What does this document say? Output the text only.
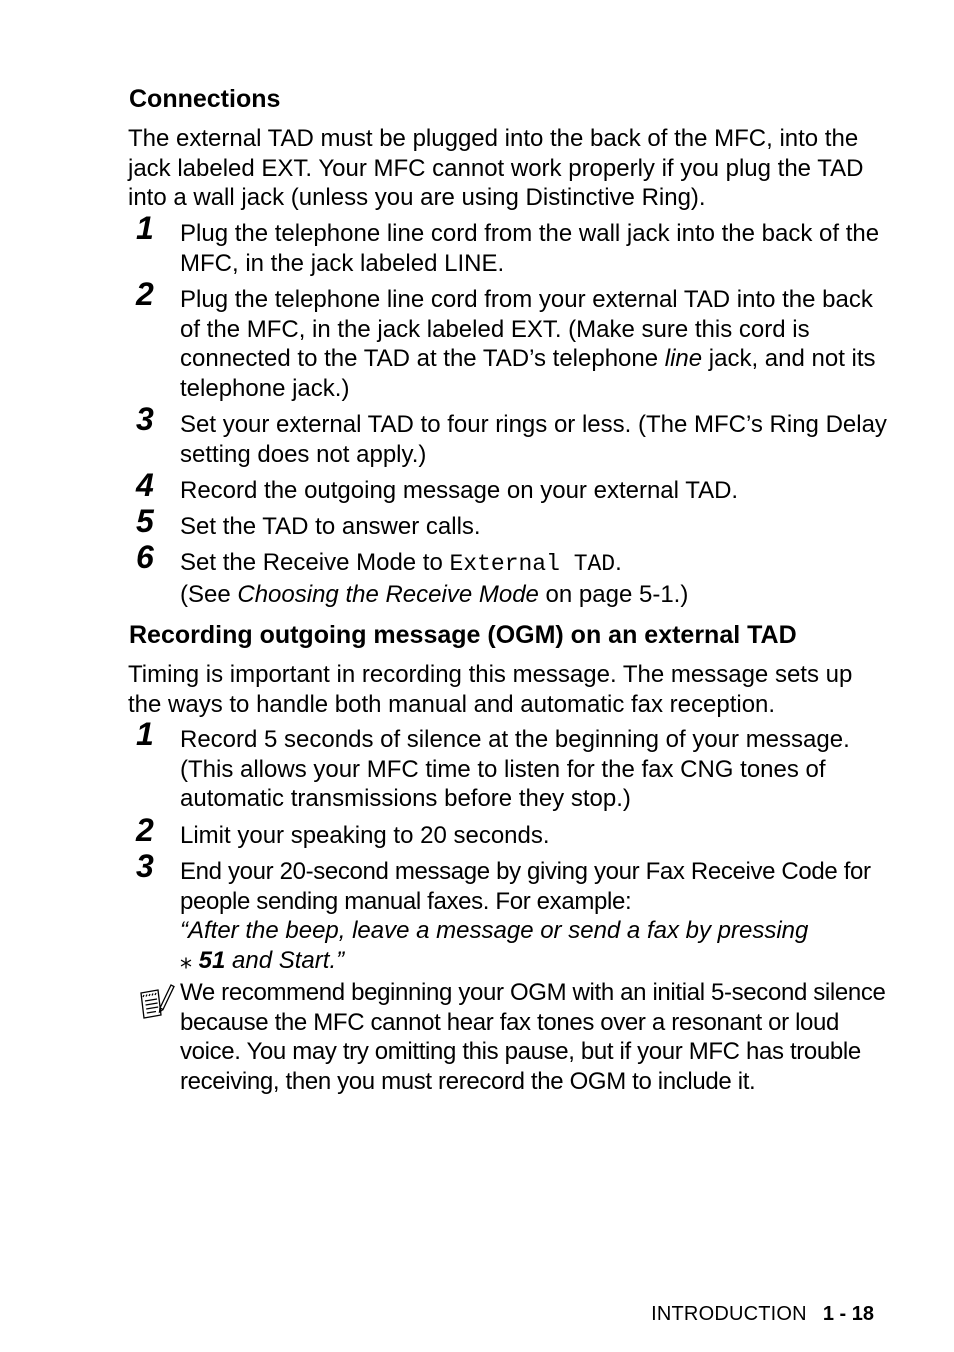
Connections

The external TAD must be plugged into the back of the MFC, into the jack labeled EXT. Your MFC cannot work properly if you plug the TAD into a wall jack (unless you are using Distinctive Ring).

1	Plug the telephone line cord from the wall jack into the back of the MFC, in the jack labeled LINE.
2	Plug the telephone line cord from your external TAD into the back of the MFC, in the jack labeled EXT. (Make sure this cord is connected to the TAD at the TAD’s telephone line jack, and not its telephone jack.)
3	Set your external TAD to four rings or less. (The MFC’s Ring Delay setting does not apply.)
4	Record the outgoing message on your external TAD.
5	Set the TAD to answer calls.
6	Set the Receive Mode to External TAD.
(See Choosing the Receive Mode on page 5-1.)
Recording outgoing message (OGM) on an external TAD

Timing is important in recording this message. The message sets up the ways to handle both manual and automatic fax reception.

1	Record 5 seconds of silence at the beginning of your message. (This allows your MFC time to listen for the fax CNG tones of automatic transmissions before they stop.)
2	Limit your speaking to 20 seconds.
3	End your 20-second message by giving your Fax Receive Code for people sending manual faxes. For example:
“After the beep, leave a message or send a fax by pressing
⁎ 51 and Start.”
We recommend beginning your OGM with an initial 5-second silence because the MFC cannot hear fax tones over a resonant or loud voice. You may try omitting this pause, but if your MFC has trouble receiving, then you must rerecord the OGM to include it.
INTRODUCTION 1 - 18
